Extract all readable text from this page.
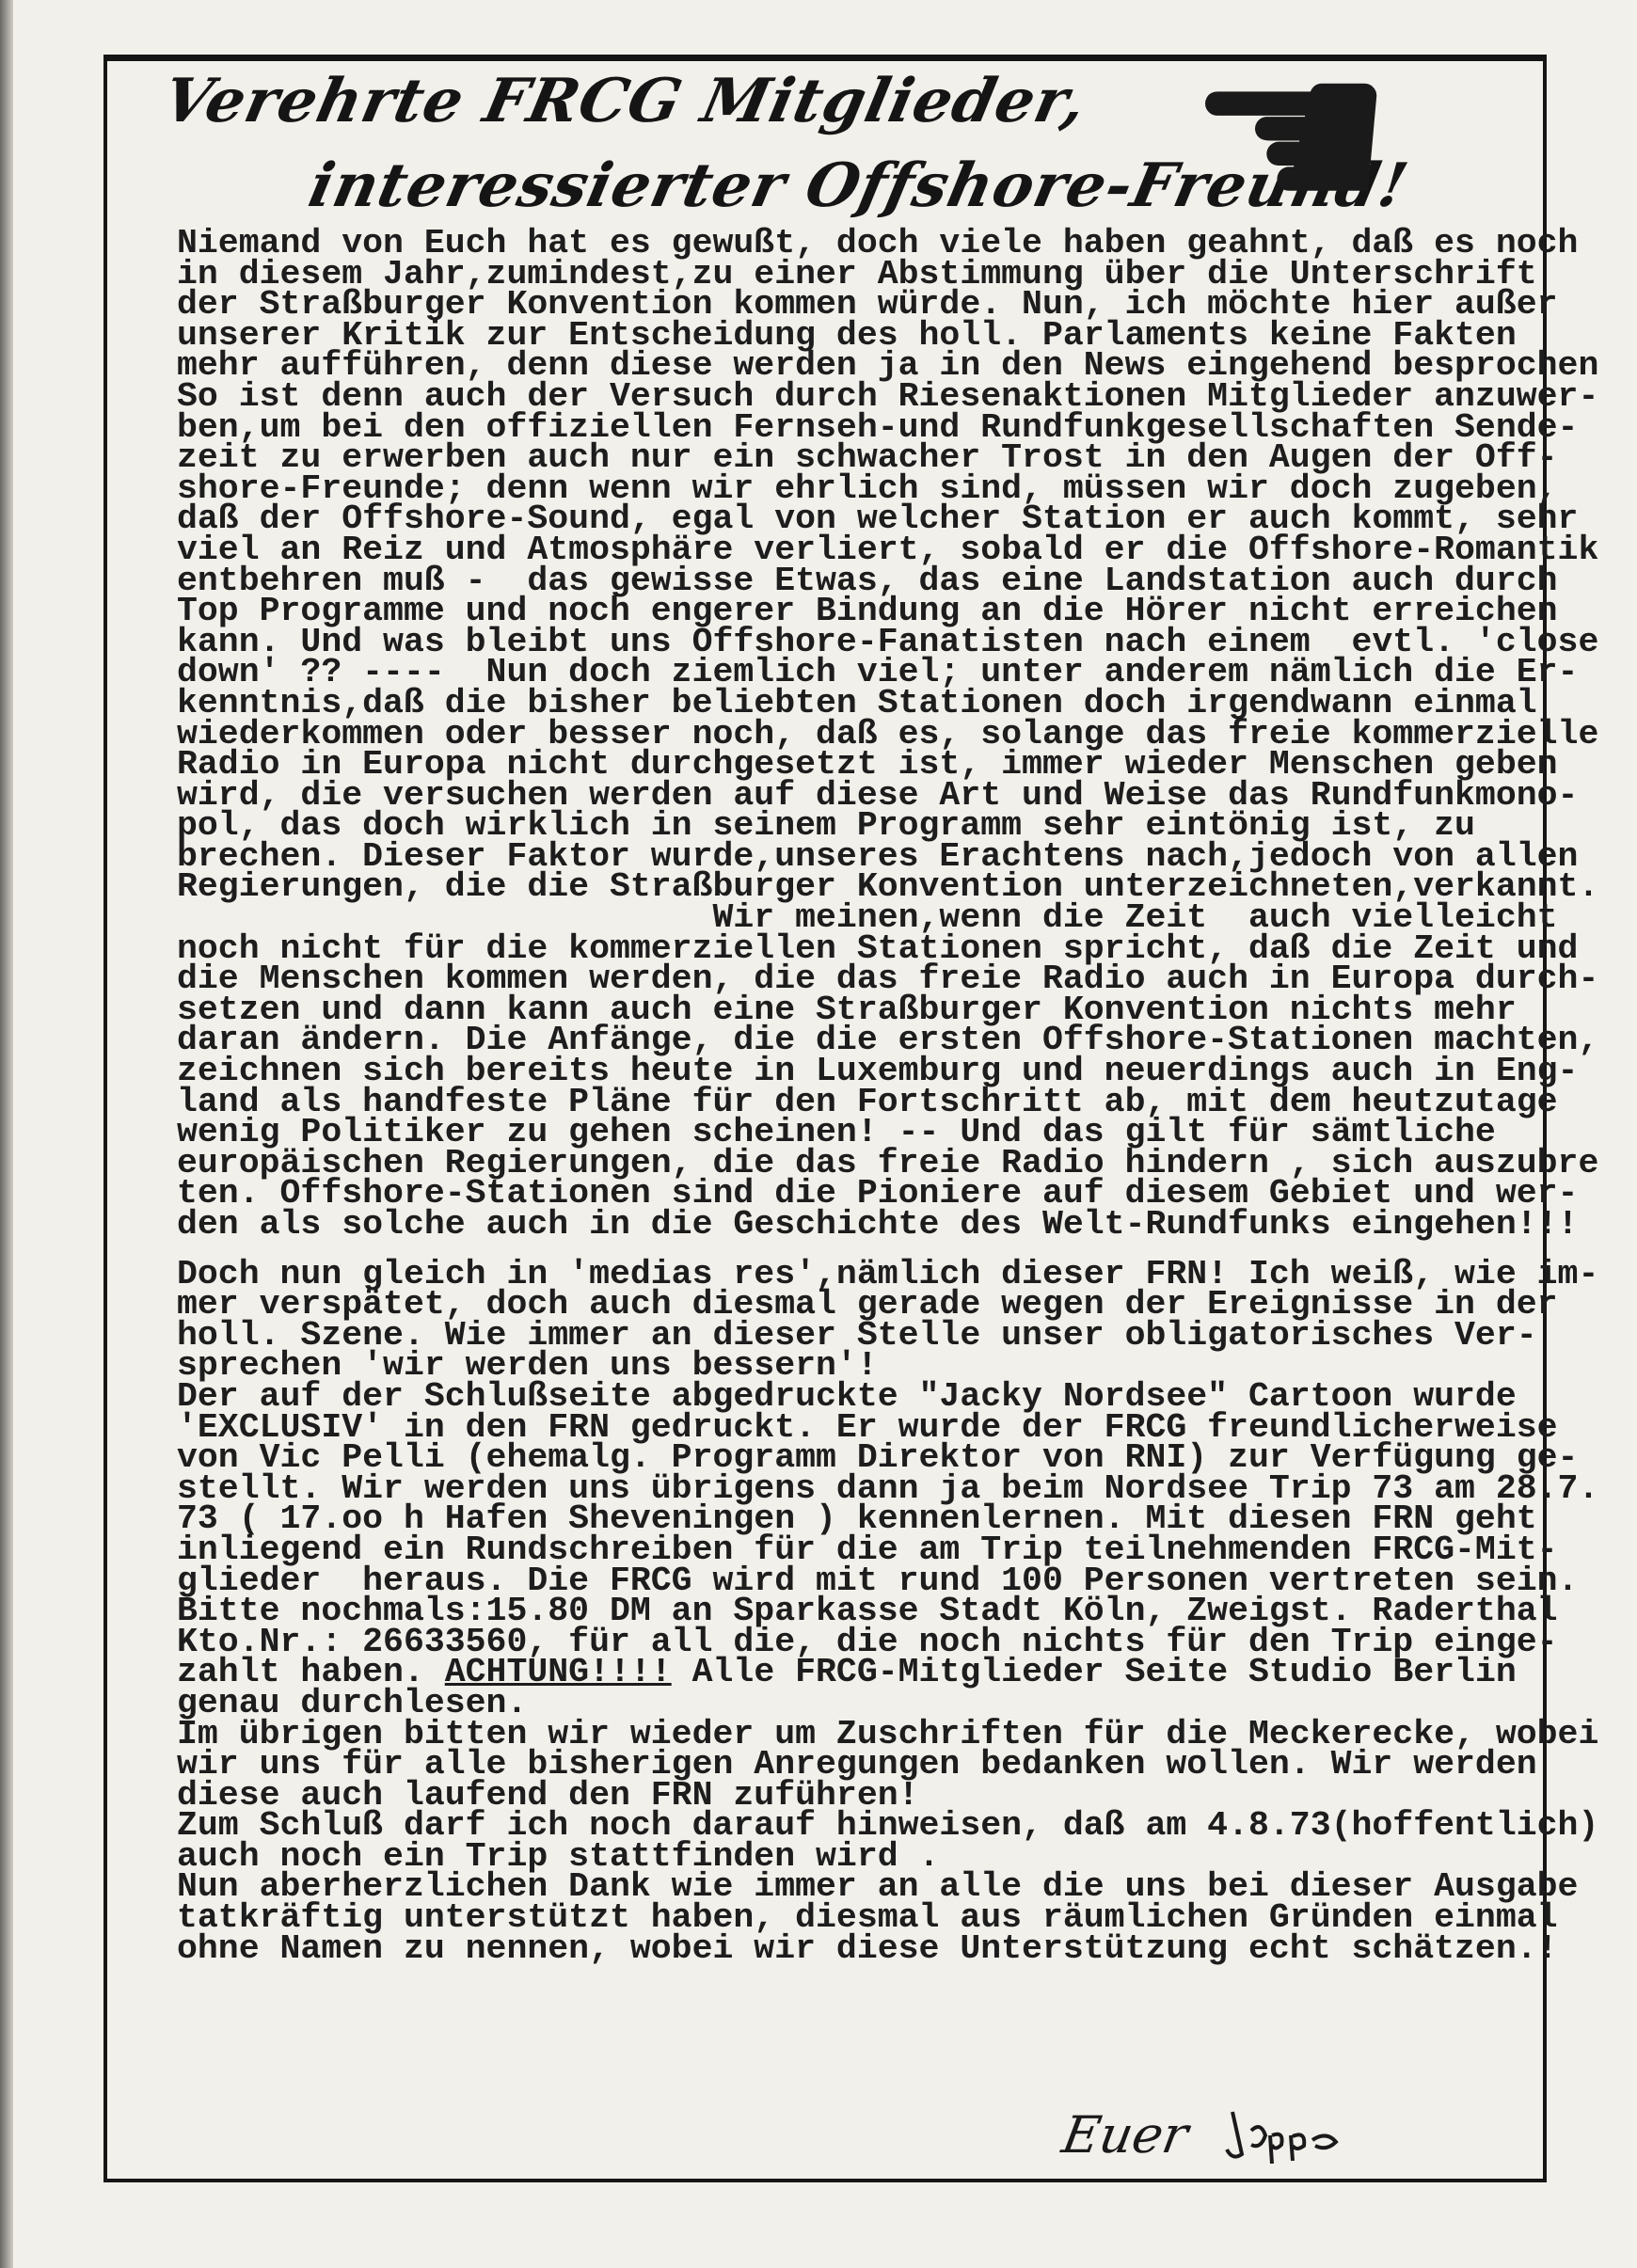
Verehrte FRCG Mitglieder,
interessierter Offshore-Freund!
☚
Niemand von Euch hat es gewußt, doch viele haben geahnt, daß es noch
in diesem Jahr,zumindest,zu einer Abstimmung über die Unterschrift
der Straßburger Konvention kommen würde. Nun, ich möchte hier außer
unserer Kritik zur Entscheidung des holl. Parlaments keine Fakten
mehr aufführen, denn diese werden ja in den News eingehend besprochen
So ist denn auch der Versuch durch Riesenaktionen Mitglieder anzuwer-
ben,um bei den offiziellen Fernseh-und Rundfunkgesellschaften Sende-
zeit zu erwerben auch nur ein schwacher Trost in den Augen der Off-
shore-Freunde; denn wenn wir ehrlich sind, müssen wir doch zugeben,
daß der Offshore-Sound, egal von welcher Station er auch kommt, sehr
viel an Reiz und Atmosphäre verliert, sobald er die Offshore-Romantik
entbehren muß -  das gewisse Etwas, das eine Landstation auch durch
Top Programme und noch engerer Bindung an die Hörer nicht erreichen
kann. Und was bleibt uns Offshore-Fanatisten nach einem  evtl. 'close
down' ?? ----  Nun doch ziemlich viel; unter anderem nämlich die Er-
kenntnis,daß die bisher beliebten Stationen doch irgendwann einmal
wiederkommen oder besser noch, daß es, solange das freie kommerzielle
Radio in Europa nicht durchgesetzt ist, immer wieder Menschen geben
wird, die versuchen werden auf diese Art und Weise das Rundfunkmono-
pol, das doch wirklich in seinem Programm sehr eintönig ist, zu
brechen. Dieser Faktor wurde,unseres Erachtens nach,jedoch von allen
Regierungen, die die Straßburger Konvention unterzeichneten,verkannt.
Wir meinen,wenn die Zeit  auch vielleicht
noch nicht für die kommerziellen Stationen spricht, daß die Zeit und
die Menschen kommen werden, die das freie Radio auch in Europa durch-
setzen und dann kann auch eine Straßburger Konvention nichts mehr
daran ändern. Die Anfänge, die die ersten Offshore-Stationen machten,
zeichnen sich bereits heute in Luxemburg und neuerdings auch in Eng-
land als handfeste Pläne für den Fortschritt ab, mit dem heutzutage
wenig Politiker zu gehen scheinen! -- Und das gilt für sämtliche
europäischen Regierungen, die das freie Radio hindern , sich auszubre
ten. Offshore-Stationen sind die Pioniere auf diesem Gebiet und wer-
den als solche auch in die Geschichte des Welt-Rundfunks eingehen!!!
Doch nun gleich in 'medias res',nämlich dieser FRN! Ich weiß, wie im-
mer verspätet, doch auch diesmal gerade wegen der Ereignisse in der
holl. Szene. Wie immer an dieser Stelle unser obligatorisches Ver-
sprechen 'wir werden uns bessern'!
Der auf der Schlußseite abgedruckte "Jacky Nordsee" Cartoon wurde
'EXCLUSIV' in den FRN gedruckt. Er wurde der FRCG freundlicherweise
von Vic Pelli (ehemalg. Programm Direktor von RNI) zur Verfügung ge-
stellt. Wir werden uns übrigens dann ja beim Nordsee Trip 73 am 28.7.
73 ( 17.oo h Hafen Sheveningen ) kennenlernen. Mit diesen FRN geht
inliegend ein Rundschreiben für die am Trip teilnehmenden FRCG-Mit-
glieder  heraus. Die FRCG wird mit rund 100 Personen vertreten sein.
Bitte nochmals:15.80 DM an Sparkasse Stadt Köln, Zweigst. Raderthal
Kto.Nr.: 26633560, für all die, die noch nichts für den Trip einge-
zahlt haben. ACHTUNG!!!! Alle FRCG-Mitglieder Seite Studio Berlin
genau durchlesen.
Im übrigen bitten wir wieder um Zuschriften für die Meckerecke, wobei
wir uns für alle bisherigen Anregungen bedanken wollen. Wir werden
diese auch laufend den FRN zuführen!
Zum Schluß darf ich noch darauf hinweisen, daß am 4.8.73(hoffentlich)
auch noch ein Trip stattfinden wird .
Nun aberherzlichen Dank wie immer an alle die uns bei dieser Ausgabe
tatkräftig unterstützt haben, diesmal aus räumlichen Gründen einmal
ohne Namen zu nennen, wobei wir diese Unterstützung echt schätzen.!
Euer
